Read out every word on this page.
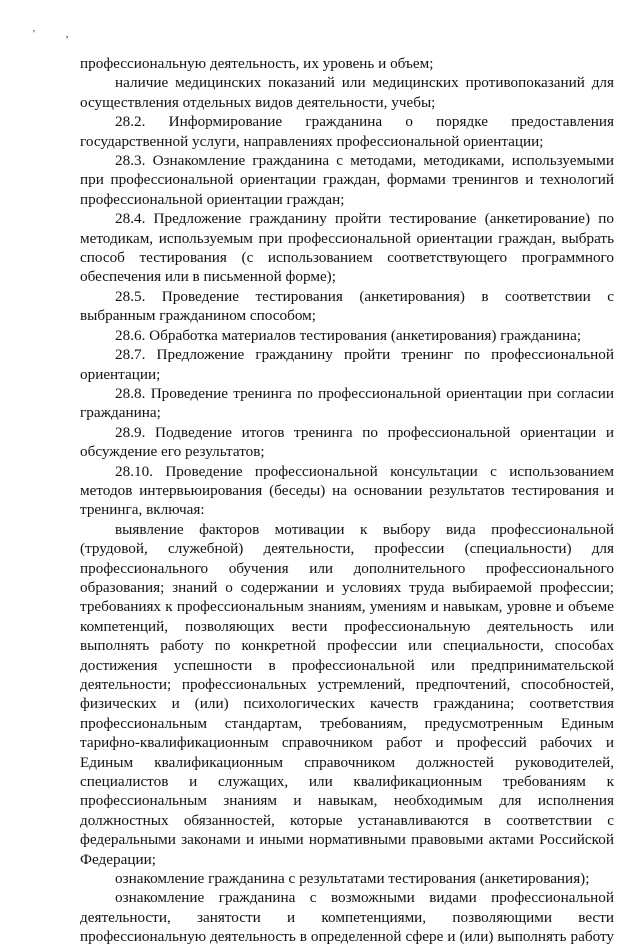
' ,

профессиональную деятельность, их уровень и объем;

наличие медицинских показаний или медицинских противопоказаний для осуществления отдельных видов деятельности, учебы;

28.2. Информирование гражданина о порядке предоставления государственной услуги, направлениях профессиональной ориентации;

28.3. Ознакомление гражданина с методами, методиками, используемыми при профессиональной ориентации граждан, формами тренингов и технологий профессиональной ориентации граждан;

28.4. Предложение гражданину пройти тестирование (анкетирование) по методикам, используемым при профессиональной ориентации граждан, выбрать способ тестирования (с использованием соответствующего программного обеспечения или в письменной форме);

28.5. Проведение тестирования (анкетирования) в соответствии с выбранным гражданином способом;

28.6. Обработка материалов тестирования (анкетирования) гражданина;

28.7. Предложение гражданину пройти тренинг по профессиональной ориентации;

28.8. Проведение тренинга по профессиональной ориентации при согласии гражданина;

28.9. Подведение итогов тренинга по профессиональной ориентации и обсуждение его результатов;

28.10. Проведение профессиональной консультации с использованием методов интервьюирования (беседы) на основании результатов тестирования и тренинга, включая:

выявление факторов мотивации к выбору вида профессиональной (трудовой, служебной) деятельности, профессии (специальности) для профессионального обучения или дополнительного профессионального образования; знаний о содержании и условиях труда выбираемой профессии; требованиях к профессиональным знаниям, умениям и навыкам, уровне и объеме компетенций, позволяющих вести профессиональную деятельность или выполнять работу по конкретной профессии или специальности, способах достижения успешности в профессиональной или предпринимательской деятельности; профессиональных устремлений, предпочтений, способностей, физических и (или) психологических качеств гражданина; соответствия профессиональным стандартам, требованиям, предусмотренным Единым тарифно-квалификационным справочником работ и профессий рабочих и Единым квалификационным справочником должностей руководителей, специалистов и служащих, или квалификационным требованиям к профессиональным знаниям и навыкам, необходимым для исполнения должностных обязанностей, которые устанавливаются в соответствии с федеральными законами и иными нормативными правовыми актами Российской Федерации;

ознакомление гражданина с результатами тестирования (анкетирования);

ознакомление гражданина с возможными видами профессиональной деятельности, занятости и компетенциями, позволяющими вести профессиональную деятельность в определенной сфере и (или) выполнять работу
